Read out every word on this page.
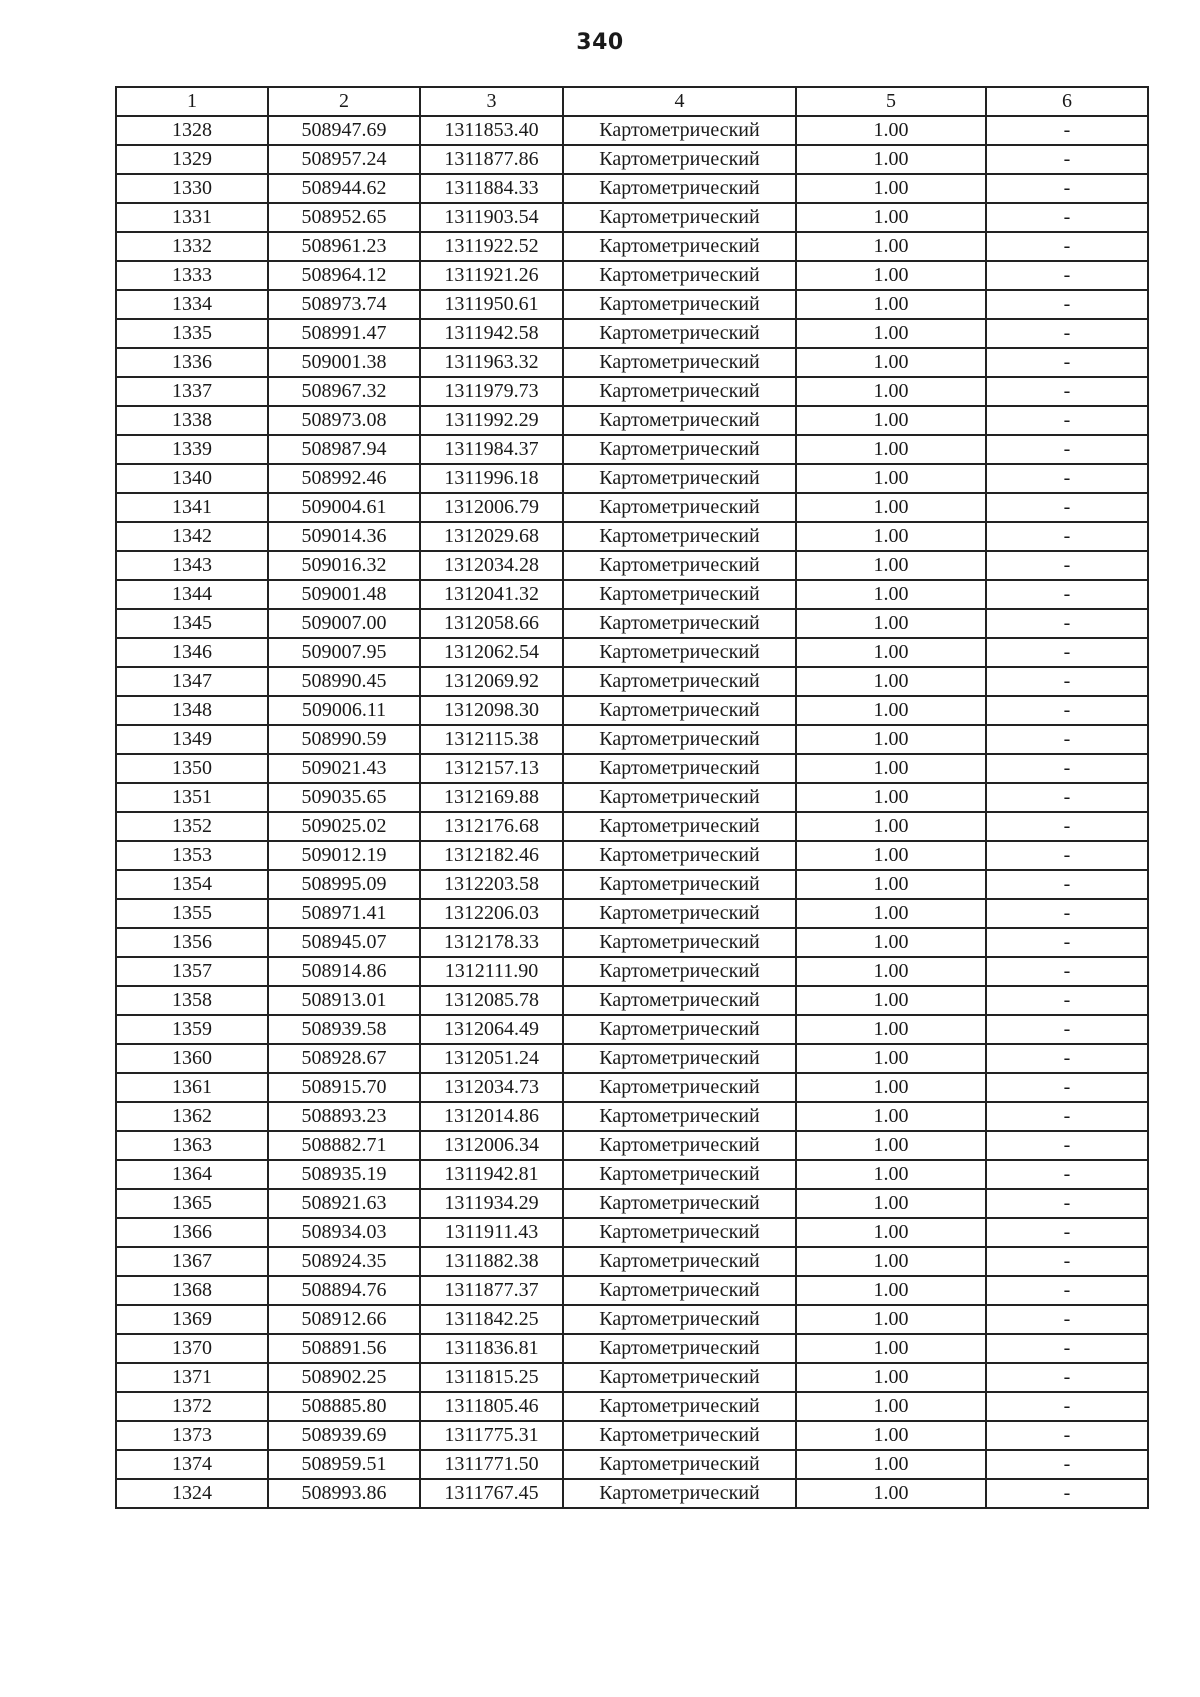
340
1	2	3	4	5	6
1328	508947.69	1311853.40	Картометрический	1.00	-
1329	508957.24	1311877.86	Картометрический	1.00	-
1330	508944.62	1311884.33	Картометрический	1.00	-
1331	508952.65	1311903.54	Картометрический	1.00	-
1332	508961.23	1311922.52	Картометрический	1.00	-
1333	508964.12	1311921.26	Картометрический	1.00	-
1334	508973.74	1311950.61	Картометрический	1.00	-
1335	508991.47	1311942.58	Картометрический	1.00	-
1336	509001.38	1311963.32	Картометрический	1.00	-
1337	508967.32	1311979.73	Картометрический	1.00	-
1338	508973.08	1311992.29	Картометрический	1.00	-
1339	508987.94	1311984.37	Картометрический	1.00	-
1340	508992.46	1311996.18	Картометрический	1.00	-
1341	509004.61	1312006.79	Картометрический	1.00	-
1342	509014.36	1312029.68	Картометрический	1.00	-
1343	509016.32	1312034.28	Картометрический	1.00	-
1344	509001.48	1312041.32	Картометрический	1.00	-
1345	509007.00	1312058.66	Картометрический	1.00	-
1346	509007.95	1312062.54	Картометрический	1.00	-
1347	508990.45	1312069.92	Картометрический	1.00	-
1348	509006.11	1312098.30	Картометрический	1.00	-
1349	508990.59	1312115.38	Картометрический	1.00	-
1350	509021.43	1312157.13	Картометрический	1.00	-
1351	509035.65	1312169.88	Картометрический	1.00	-
1352	509025.02	1312176.68	Картометрический	1.00	-
1353	509012.19	1312182.46	Картометрический	1.00	-
1354	508995.09	1312203.58	Картометрический	1.00	-
1355	508971.41	1312206.03	Картометрический	1.00	-
1356	508945.07	1312178.33	Картометрический	1.00	-
1357	508914.86	1312111.90	Картометрический	1.00	-
1358	508913.01	1312085.78	Картометрический	1.00	-
1359	508939.58	1312064.49	Картометрический	1.00	-
1360	508928.67	1312051.24	Картометрический	1.00	-
1361	508915.70	1312034.73	Картометрический	1.00	-
1362	508893.23	1312014.86	Картометрический	1.00	-
1363	508882.71	1312006.34	Картометрический	1.00	-
1364	508935.19	1311942.81	Картометрический	1.00	-
1365	508921.63	1311934.29	Картометрический	1.00	-
1366	508934.03	1311911.43	Картометрический	1.00	-
1367	508924.35	1311882.38	Картометрический	1.00	-
1368	508894.76	1311877.37	Картометрический	1.00	-
1369	508912.66	1311842.25	Картометрический	1.00	-
1370	508891.56	1311836.81	Картометрический	1.00	-
1371	508902.25	1311815.25	Картометрический	1.00	-
1372	508885.80	1311805.46	Картометрический	1.00	-
1373	508939.69	1311775.31	Картометрический	1.00	-
1374	508959.51	1311771.50	Картометрический	1.00	-
1324	508993.86	1311767.45	Картометрический	1.00	-
